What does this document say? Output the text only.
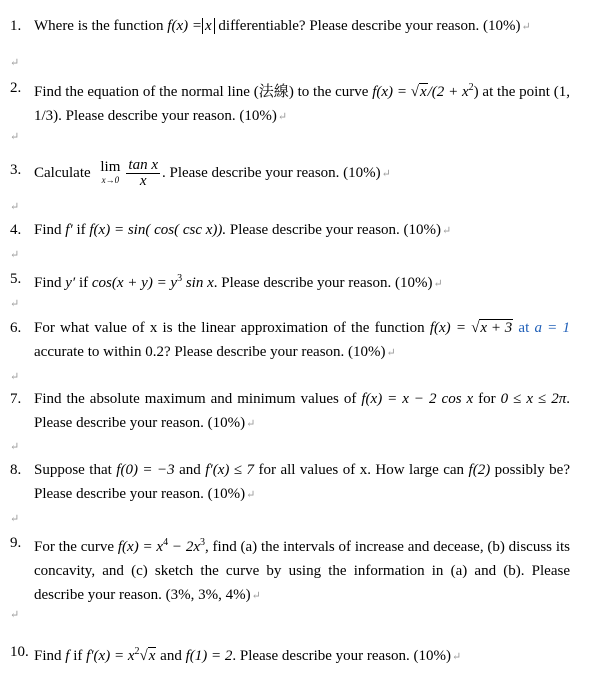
1. Where is the function f(x) = x differentiable? Please describe your reason. (10%)↵
↵
2. Find the equation of the normal line (法線) to the curve $f(x) = √x/(2 + x^2)$ at the point (1, 1/3). Please describe your reason. (10%)↵
↵
3. Calculate lim
$x\to 0 \frac{\text{tan x}}{x}$ . Please describe your reason. (10%)↵
↵
4. Find f′ if f(x) = sin( cos( csc x)). Please describe your reason. (10%)↵
↵
5. Find y′ if $\cos(x + y) = y^3$ sin x. Please describe your reason. (10%)↵
↵
6. For what value of x is the linear approximation of the function f(x) = √x + 3 at a = 1 accurate to within 0.2? Please describe your reason. (10%)↵
↵
7. Find the absolute maximum and minimum values of f(x) = x − 2 cos x for 0 ≤ x ≤ 2π. Please describe your reason. (10%)↵
↵
8. Suppose that f(0) = −3 and f′(x) ≤ 7 for all values of x. How large can f(2) possibly be? Please describe your reason. (10%)↵
↵
9. For the curve $f(x) = x^4 - 2x^3$, find (a) the intervals of increase and decease, (b) discuss its concavity, and (c) sketch the curve by using the information in (a) and (b). Please describe your reason. (3%, 3%, 4%)↵
↵
10. Find f if $f'(x) = x^2√x$ and f(1) = 2. Please describe your reason. (10%)↵
